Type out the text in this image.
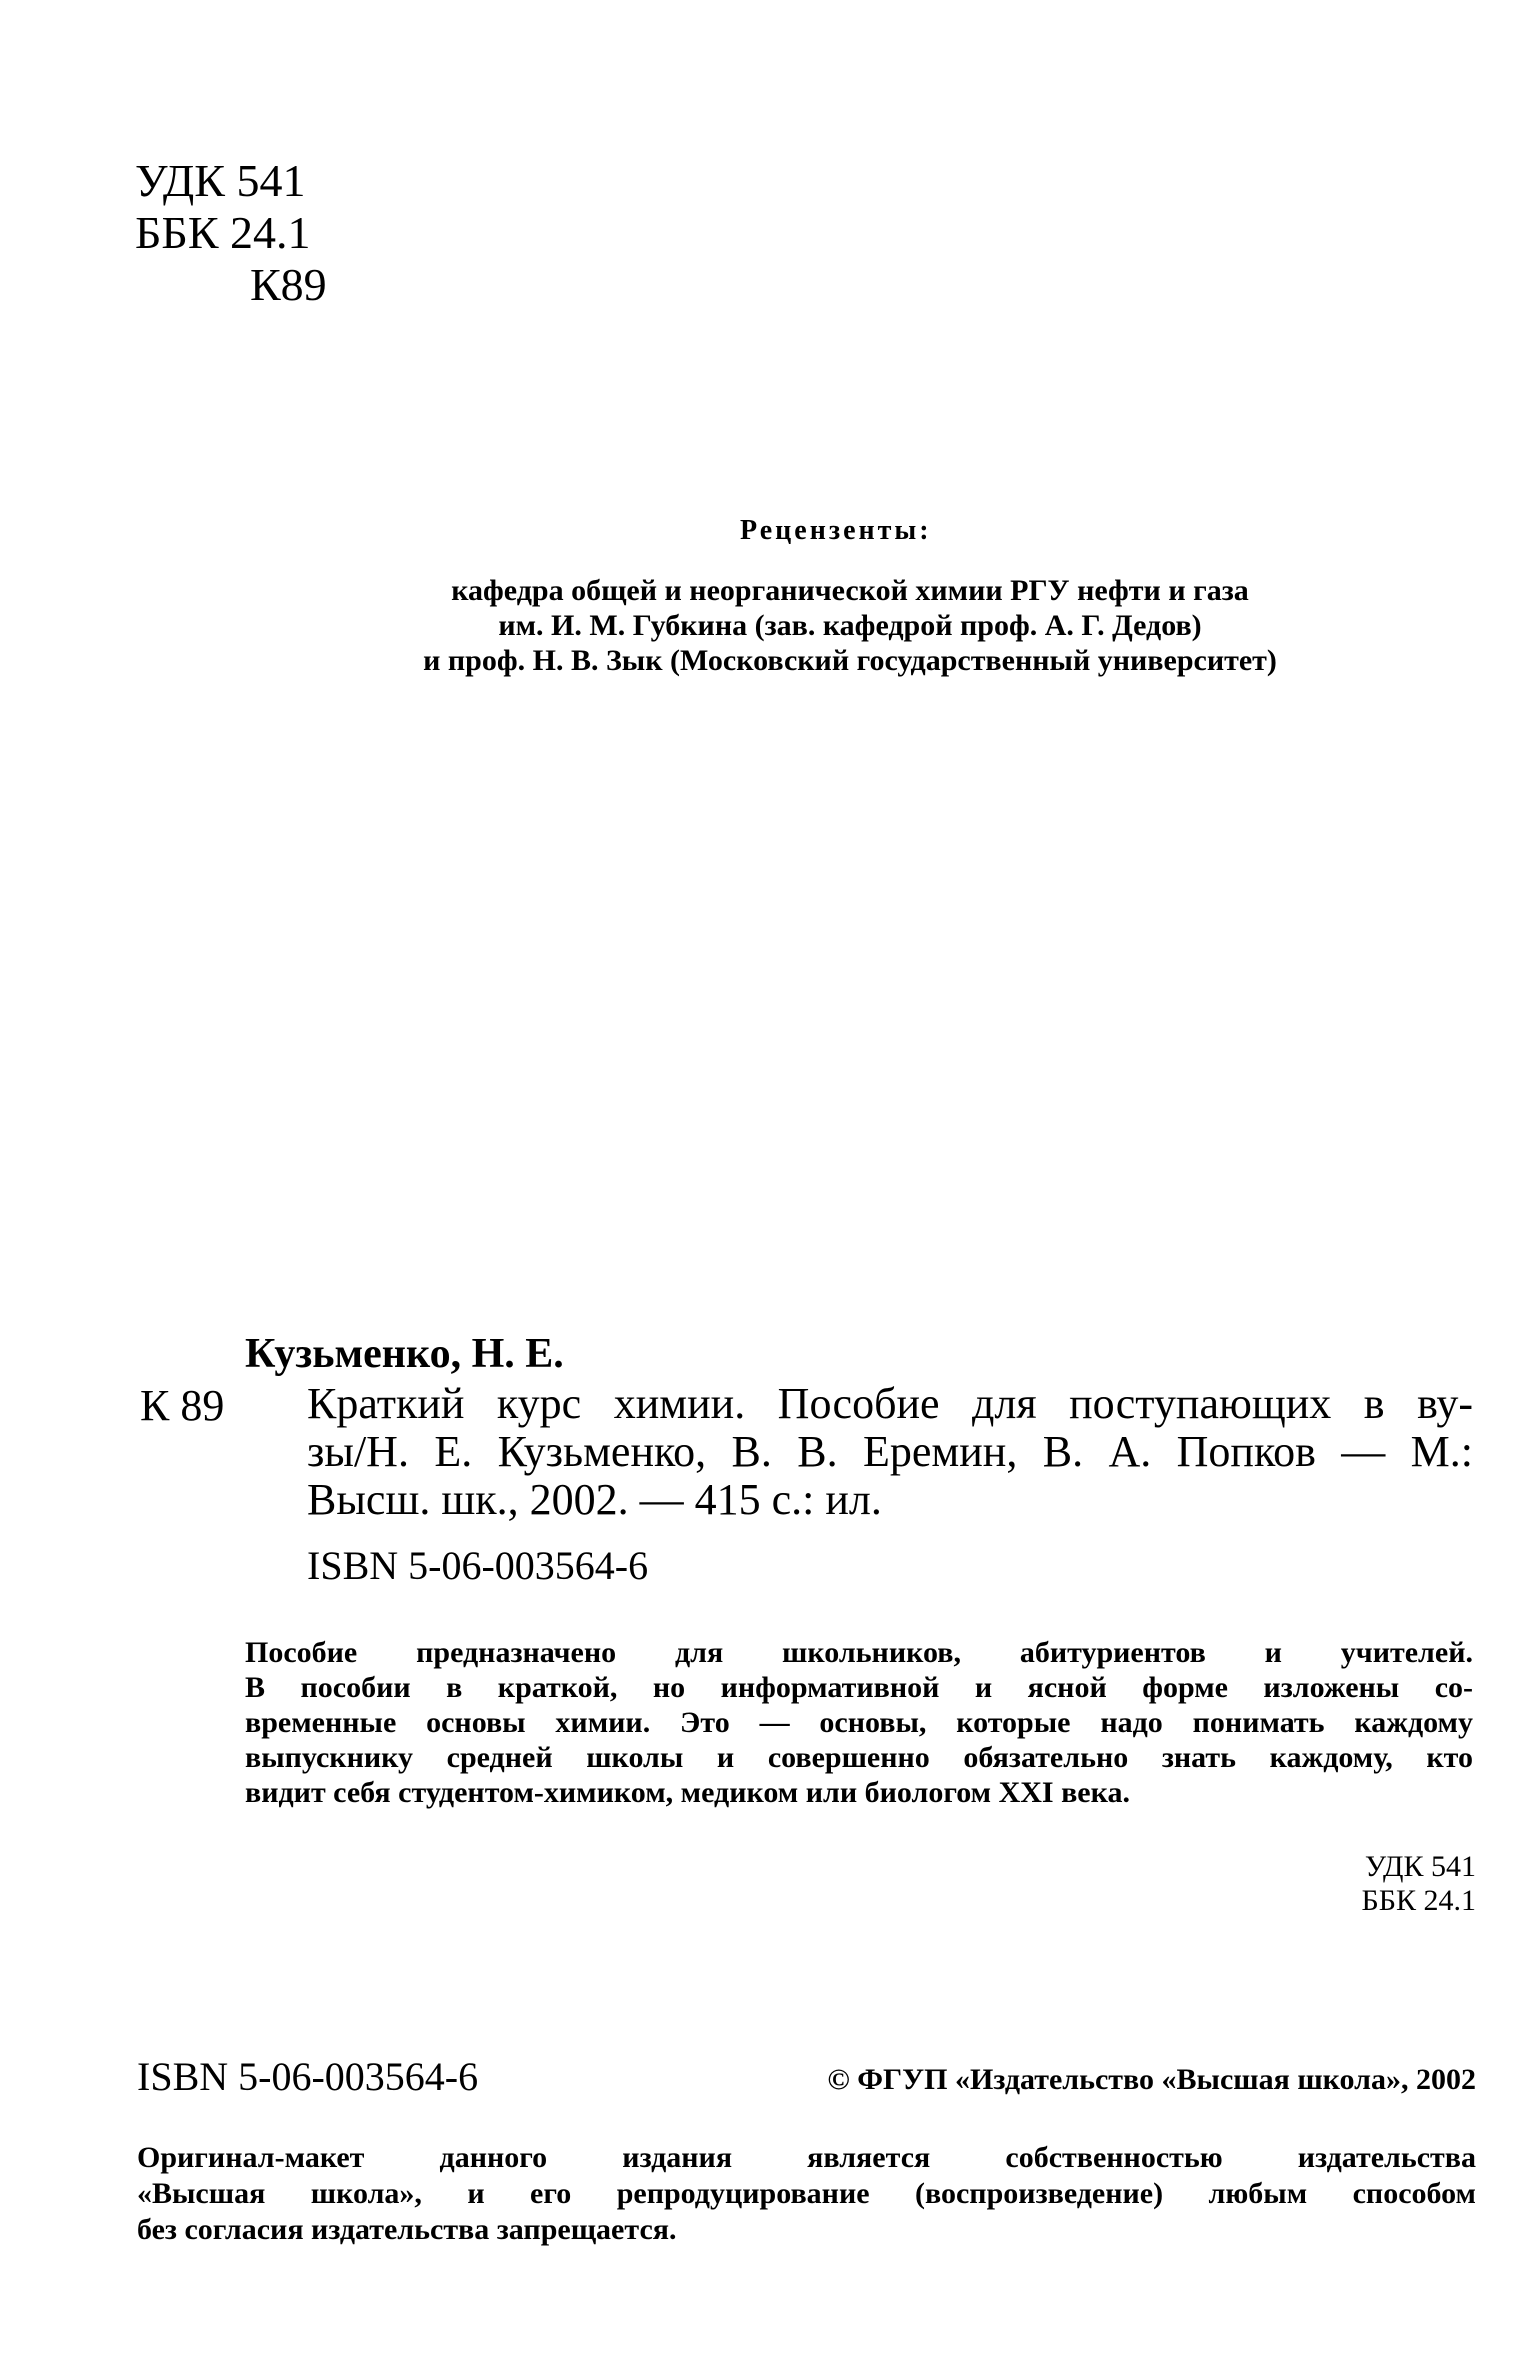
УДК 541
ББК 24.1
К89
Рецензенты:
кафедра общей и неорганической химии РГУ нефти и газа
им. И. М. Губкина (зав. кафедрой проф. А. Г. Дедов)
и проф. Н. В. Зык (Московский государственный университет)
Кузьменко, Н. Е.
К 89 Краткий курс химии. Пособие для поступающих в ву-
зы/Н. Е. Кузьменко, В. В. Еремин, В. А. Попков — М.:
Высш. шк., 2002. — 415 с.: ил.
ISBN 5-06-003564-6
Пособие предназначено для школьников, абитуриентов и учителей.
В пособии в краткой, но информативной и ясной форме изложены со-
временные основы химии. Это — основы, которые надо понимать каждому
выпускнику средней школы и совершенно обязательно знать каждому, кто
видит себя студентом-химиком, медиком или биологом XXI века.
УДК 541
ББК 24.1
ISBN 5-06-003564-6	© ФГУП «Издательство «Высшая школа», 2002
Оригинал-макет данного издания является собственностью издательства
«Высшая школа», и его репродуцирование (воспроизведение) любым способом
без согласия издательства запрещается.
